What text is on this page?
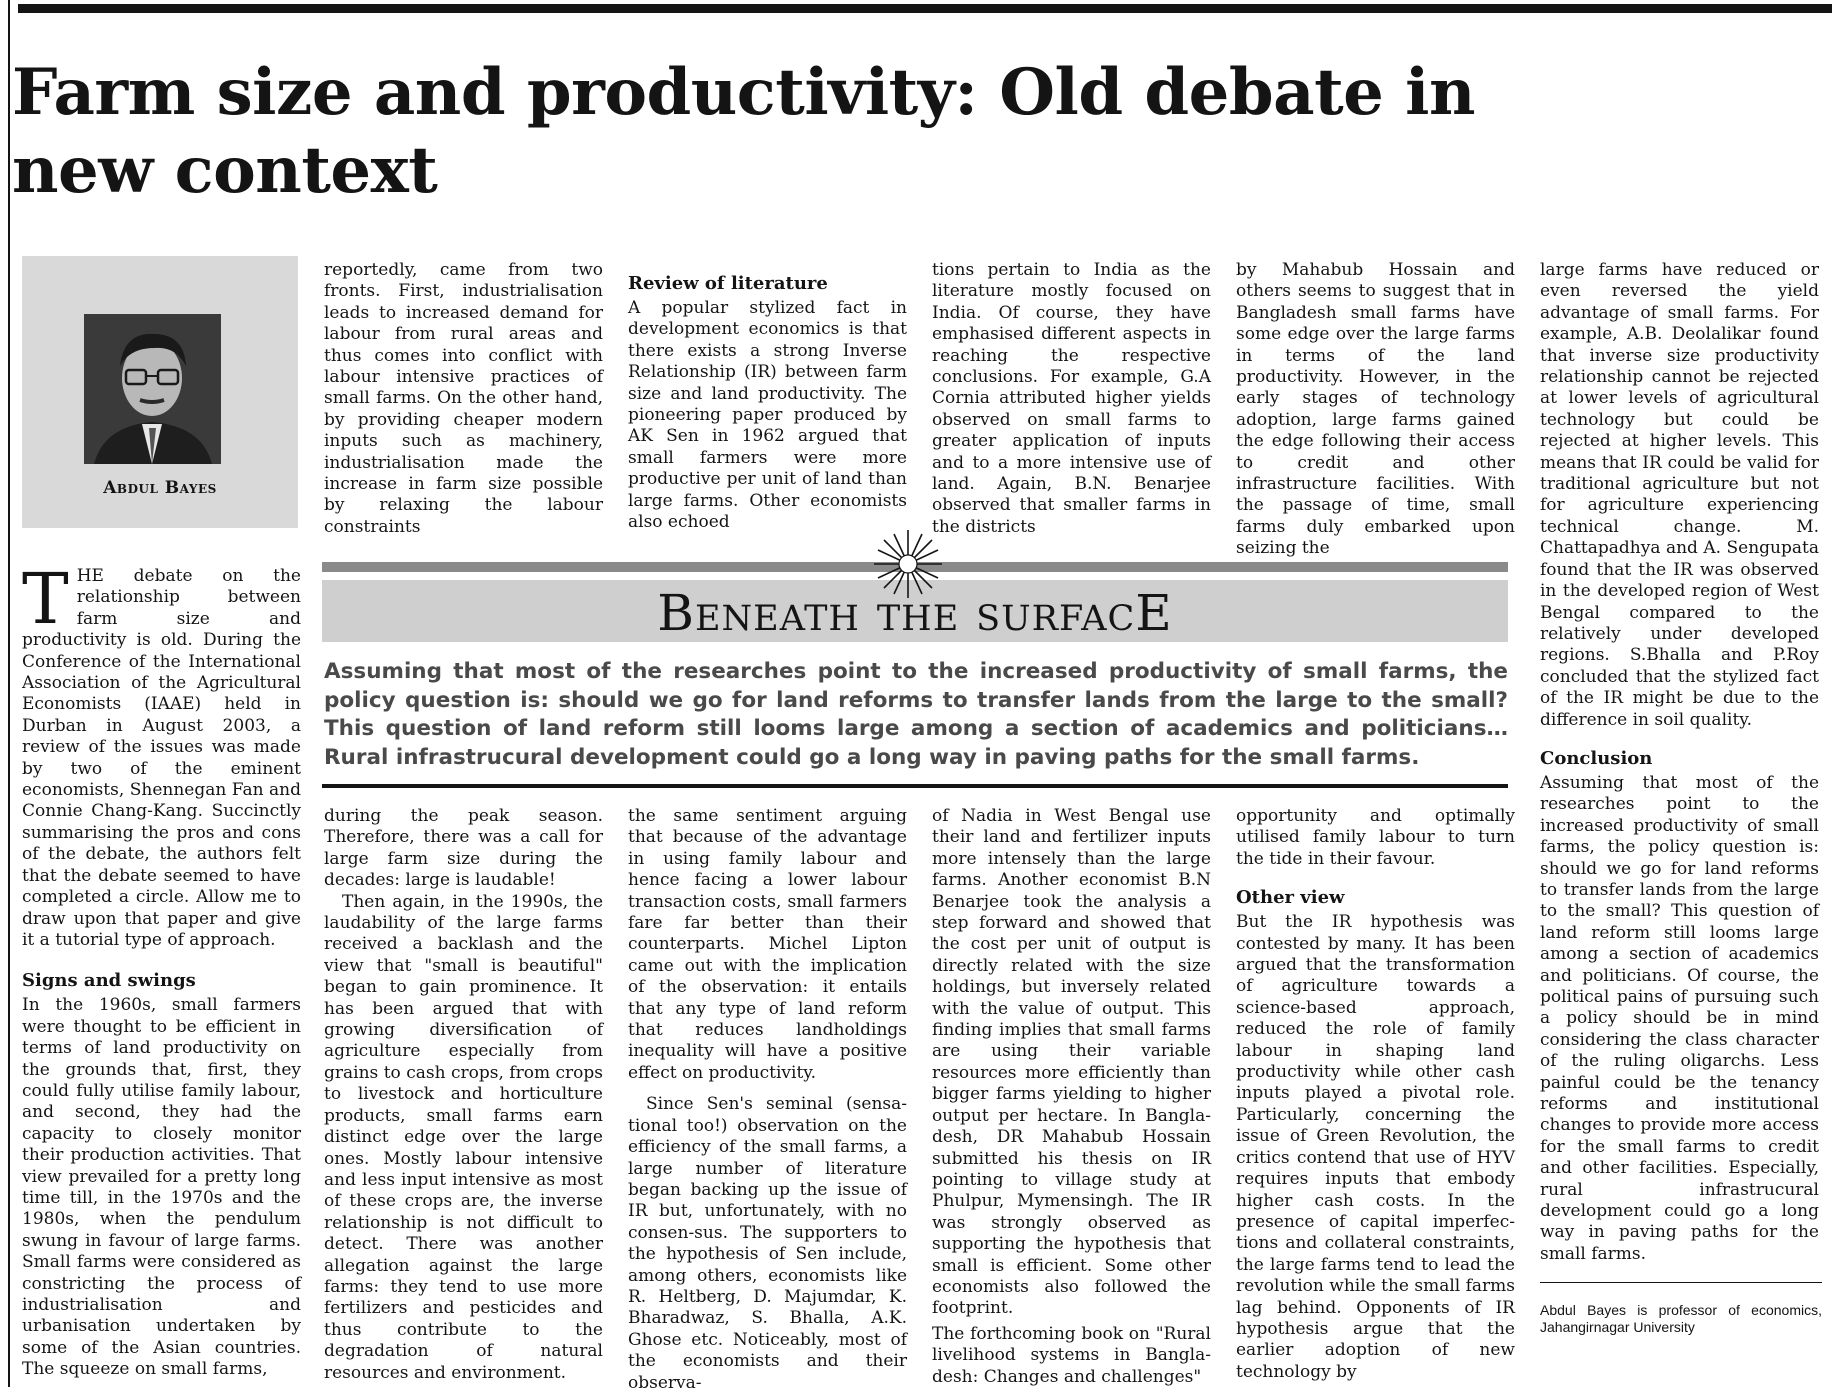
Farm size and productivity: Old debate in new context
Abdul Bayes

THE debate on the relationship between farm size and productivity is old. During the Conference of the International Association of the Agricultural Economists (IAAE) held in Durban in August 2003, a review of the issues was made by two of the eminent economists, Shennegan Fan and Connie Chang-Kang. Succinctly summarising the pros and cons of the debate, the authors felt that the debate seemed to have completed a circle. Allow me to draw upon that paper and give it a tutorial type of approach.

Signs and swings

In the 1960s, small farmers were thought to be efficient in terms of land productivity on the grounds that, first, they could fully utilise family labour, and second, they had the capacity to closely monitor their production activities. That view prevailed for a pretty long time till, in the 1970s and the 1980s, when the pendulum swung in favour of large farms. Small farms were considered as constricting the process of industrialisation and urbanisation undertaken by some of the Asian countries. The squeeze on small farms,

reportedly, came from two fronts. First, industrialisation leads to increased demand for labour from rural areas and thus comes into conflict with labour intensive practices of small farms. On the other hand, by providing cheaper modern inputs such as machinery, industrialisation made the increase in farm size possible by relaxing the labour constraints

during the peak season. Therefore, there was a call for large farm size during the decades: large is laudable!

Then again, in the 1990s, the laudability of the large farms received a backlash and the view that "small is beautiful" began to gain prominence. It has been argued that with growing diversification of agriculture especially from grains to cash crops, from crops to livestock and horticulture products, small farms earn distinct edge over the large ones. Mostly labour intensive and less input intensive as most of these crops are, the inverse relationship is not difficult to detect. There was another allegation against the large farms: they tend to use more fertilizers and pesticides and thus contribute to the degradation of natural resources and environment.

Review of literature

A popular stylized fact in development economics is that there exists a strong Inverse Relationship (IR) between farm size and land productivity. The pioneering paper produced by AK Sen in 1962 argued that small farmers were more productive per unit of land than large farms. Other economists also echoed

the same sentiment arguing that because of the advantage in using family labour and hence facing a lower labour transaction costs, small farmers fare far better than their counterparts. Michel Lipton came out with the implication of the observation: it entails that any type of land reform that reduces landholdings inequality will have a positive effect on productivity.

Since Sen's seminal (sensa-tional too!) observation on the efficiency of the small farms, a large number of literature began backing up the issue of IR but, unfortunately, with no consen-sus. The supporters to the hypothesis of Sen include, among others, economists like R. Heltberg, D. Majumdar, K. Bharadwaz, S. Bhalla, A.K. Ghose etc. Noticeably, most of the economists and their observa-

tions pertain to India as the literature mostly focused on India. Of course, they have emphasised different aspects in reaching the respective conclusions. For example, G.A Cornia attributed higher yields observed on small farms to greater application of inputs and to a more intensive use of land. Again, B.N. Benarjee observed that smaller farms in the districts

of Nadia in West Bengal use their land and fertilizer inputs more intensely than the large farms. Another economist B.N Benarjee took the analysis a step forward and showed that the cost per unit of output is directly related with the size holdings, but inversely related with the value of output. This finding implies that small farms are using their variable resources more efficiently than bigger farms yielding to higher output per hectare. In Bangla-desh, DR Mahabub Hossain submitted his thesis on IR pointing to village study at Phulpur, Mymensingh. The IR was strongly observed as supporting the hypothesis that small is efficient. Some other economists also followed the footprint.

The forthcoming book on "Rural livelihood systems in Bangla-desh: Changes and challenges"

by Mahabub Hossain and others seems to suggest that in Bangladesh small farms have some edge over the large farms in terms of the land productivity. However, in the early stages of technology adoption, large farms gained the edge following their access to credit and other infrastructure facilities. With the passage of time, small farms duly embarked upon seizing the

opportunity and optimally utilised family labour to turn the tide in their favour.

Other view

But the IR hypothesis was contested by many. It has been argued that the transformation of agriculture towards a science-based approach, reduced the role of family labour in shaping land productivity while other cash inputs played a pivotal role. Particularly, concerning the issue of Green Revolution, the critics contend that use of HYV requires inputs that embody higher cash costs. In the presence of capital imperfec-tions and collateral constraints, the large farms tend to lead the revolution while the small farms lag behind. Opponents of IR hypothesis argue that the earlier adoption of new technology by

large farms have reduced or even reversed the yield advantage of small farms. For example, A.B. Deolalikar found that inverse size productivity relationship cannot be rejected at lower levels of agricultural technology but could be rejected at higher levels. This means that IR could be valid for traditional agriculture but not for agriculture experiencing technical change. M. Chattapadhya and A. Sengupata found that the IR was observed in the developed region of West Bengal compared to the relatively under developed regions. S.Bhalla and P.Roy concluded that the stylized fact of the IR might be due to the difference in soil quality.

Conclusion

Assuming that most of the researches point to the increased productivity of small farms, the policy question is: should we go for land reforms to transfer lands from the large to the small? This question of land reform still looms large among a section of academics and politicians. Of course, the political pains of pursuing such a policy should be in mind considering the class character of the ruling oligarchs. Less painful could be the tenancy reforms and institutional changes to provide more access for the small farms to credit and other facilities. Especially, rural infrastrucural development could go a long way in paving paths for the small farms.

Beneath the surfacE

Assuming that most of the researches point to the increased productivity of small farms, the policy question is: should we go for land reforms to transfer lands from the large to the small? This question of land reform still looms large among a section of academics and politicians…Rural infrastrucural development could go a long way in paving paths for the small farms.

Abdul Bayes is professor of economics, Jahangirnagar University
